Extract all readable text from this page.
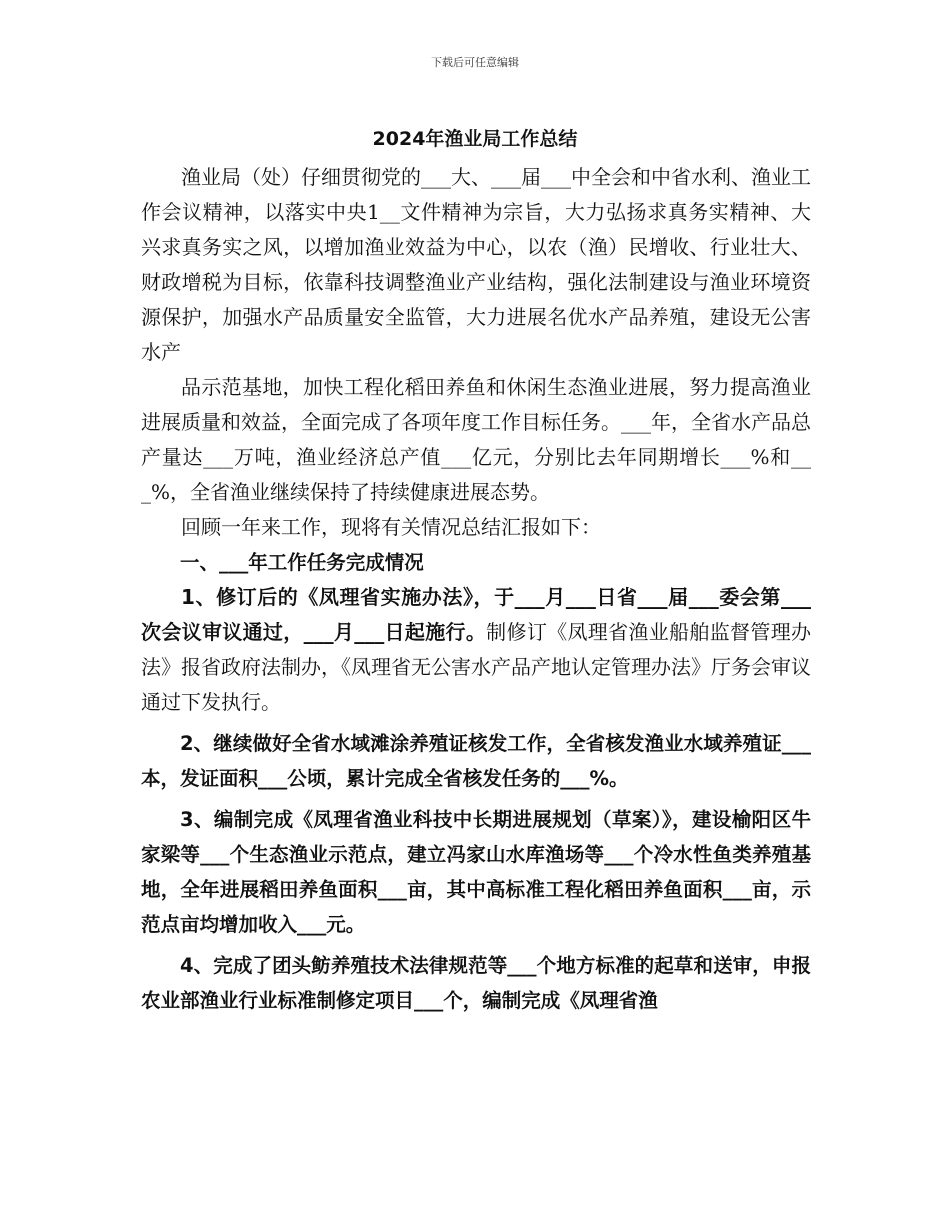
下载后可任意编辑
2024年渔业局工作总结

渔业局（处）仔细贯彻党的___大、___届___中全会和中省水利、渔业工作会议精神，以落实中央1__文件精神为宗旨，大力弘扬求真务实精神、大兴求真务实之风，以增加渔业效益为中心，以农（渔）民增收、行业壮大、财政增税为目标，依靠科技调整渔业产业结构，强化法制建设与渔业环境资源保护，加强水产品质量安全监管，大力进展名优水产品养殖，建设无公害水产

品示范基地，加快工程化稻田养鱼和休闲生态渔业进展，努力提高渔业进展质量和效益，全面完成了各项年度工作目标任务。___年，全省水产品总产量达___万吨，渔业经济总产值___亿元，分别比去年同期增长___%和___%，全省渔业继续保持了持续健康进展态势。

回顾一年来工作，现将有关情况总结汇报如下：

一、___年工作任务完成情况

1、修订后的《凤理省实施办法》，于___月___日省___届___委会第___次会议审议通过，___月___日起施行。制修订《凤理省渔业船舶监督管理办法》报省政府法制办，《凤理省无公害水产品产地认定管理办法》厅务会审议通过下发执行。

2、继续做好全省水域滩涂养殖证核发工作，全省核发渔业水域养殖证___本，发证面积___公顷，累计完成全省核发任务的___%。

3、编制完成《凤理省渔业科技中长期进展规划（草案）》，建设榆阳区牛家梁等___个生态渔业示范点，建立冯家山水库渔场等___个冷水性鱼类养殖基地，全年进展稻田养鱼面积___亩，其中高标准工程化稻田养鱼面积___亩，示范点亩均增加收入___元。

4、完成了团头鲂养殖技术法律规范等___个地方标准的起草和送审，申报农业部渔业行业标准制修定项目___个，编制完成《凤理省渔
